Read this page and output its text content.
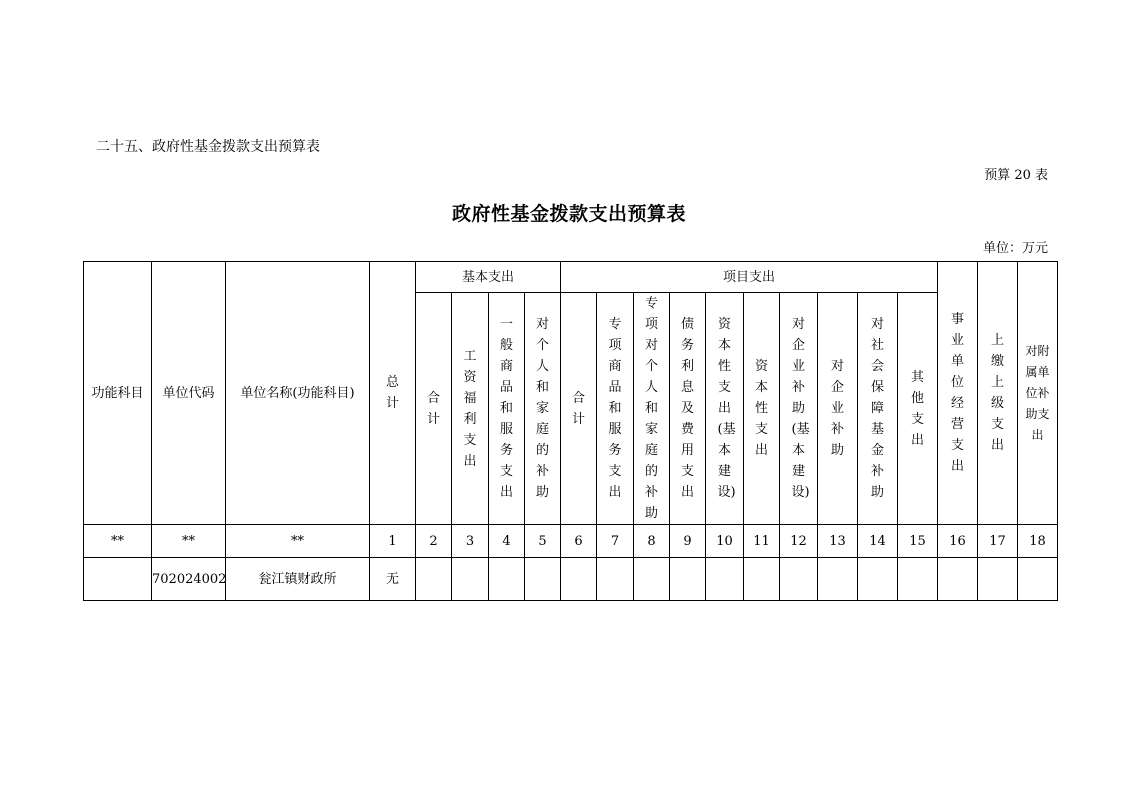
二十五、政府性基金拨款支出预算表
预算 20 表
政府性基金拨款支出预算表
单位：万元
功能科目	单位代码	单位名称(功能科目)	总计	基本支出				项目支出										事业单位经营支出	上缴上级支出	对附属单位补助支出
				合计	工资福利支出	一般商品和服务支出	对个人和家庭的补助	合计	专项商品和服务支出	专项对个人和家庭的补助	债务利息及费用支出	资本性支出(基本建设)	资本性支出	对企业补助(基本建设)	对企业补助	对社会保障基金补助	其他支出			
**	**	**	1	2	3	4	5	6	7	8	9	10	11	12	13	14	15	16	17	18
	702024002	瓮江镇财政所	无																	
